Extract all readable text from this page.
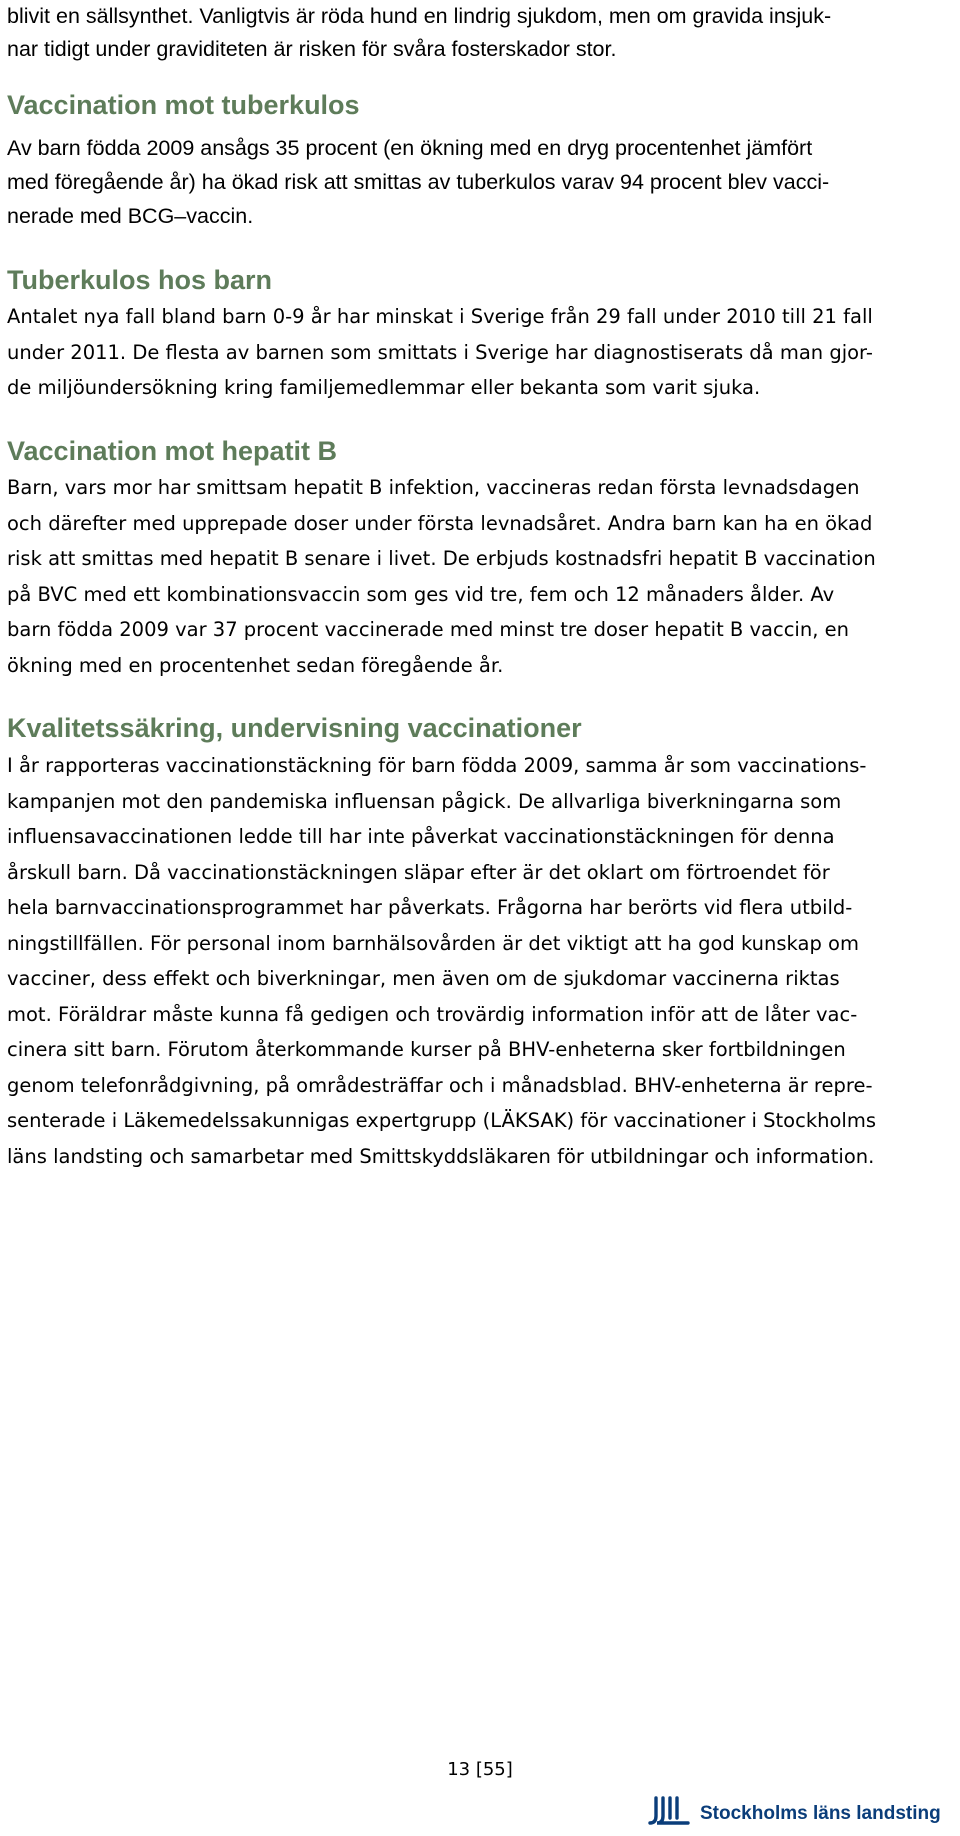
blivit en sällsynthet. Vanligtvis är röda hund en lindrig sjukdom, men om gravida insjuk-
nar tidigt under graviditeten är risken för svåra fosterskador stor.
Vaccination mot tuberkulos
Av barn födda 2009 ansågs 35 procent (en ökning med en dryg procentenhet jämfört
med föregående år) ha ökad risk att smittas av tuberkulos varav 94 procent blev vacci-
nerade med BCG–vaccin.
Tuberkulos hos barn
Antalet nya fall bland barn 0-9 år har minskat i Sverige från 29 fall under 2010 till 21 fall
under 2011. De flesta av barnen som smittats i Sverige har diagnostiserats då man gjor-
de miljöundersökning kring familjemedlemmar eller bekanta som varit sjuka.
Vaccination mot hepatit B
Barn, vars mor har smittsam hepatit B infektion, vaccineras redan första levnadsdagen
och därefter med upprepade doser under första levnadsåret. Andra barn kan ha en ökad
risk att smittas med hepatit B senare i livet. De erbjuds kostnadsfri hepatit B vaccination
på BVC med ett kombinationsvaccin som ges vid tre, fem och 12 månaders ålder. Av
barn födda 2009 var 37 procent vaccinerade med minst tre doser hepatit B vaccin, en
ökning med en procentenhet sedan föregående år.
Kvalitetssäkring, undervisning vaccinationer
I år rapporteras vaccinationstäckning för barn födda 2009, samma år som vaccinations-
kampanjen mot den pandemiska influensan pågick. De allvarliga biverkningarna som
influensavaccinationen ledde till har inte påverkat vaccinationstäckningen för denna
årskull barn. Då vaccinationstäckningen släpar efter är det oklart om förtroendet för
hela barnvaccinationsprogrammet har påverkats. Frågorna har berörts vid flera utbild-
ningstillfällen. För personal inom barnhälsovården är det viktigt att ha god kunskap om
vacciner, dess effekt och biverkningar, men även om de sjukdomar vaccinerna riktas
mot. Föräldrar måste kunna få gedigen och trovärdig information inför att de låter vac-
cinera sitt barn. Förutom återkommande kurser på BHV-enheterna sker fortbildningen
genom telefonrådgivning, på områdesträffar och i månadsblad. BHV-enheterna är repre-
senterade i Läkemedelssakunnigas expertgrupp (LÄKSAK) för vaccinationer i Stockholms
läns landsting och samarbetar med Smittskyddsläkaren för utbildningar och information.
13 [55]
Stockholms läns landsting
